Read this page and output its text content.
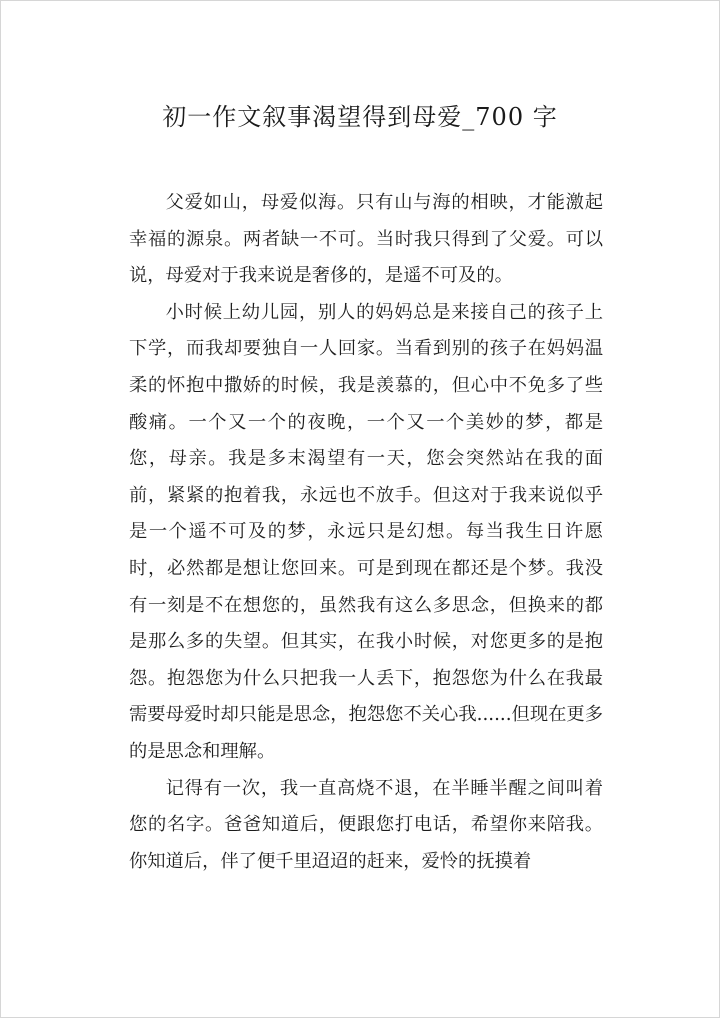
初一作文叙事渴望得到母爱_700 字

父爱如山，母爱似海。只有山与海的相映，才能激起幸福的源泉。两者缺一不可。当时我只得到了父爱。可以说，母爱对于我来说是奢侈的，是遥不可及的。

小时候上幼儿园，别人的妈妈总是来接自己的孩子上下学，而我却要独自一人回家。当看到别的孩子在妈妈温柔的怀抱中撒娇的时候，我是羡慕的，但心中不免多了些酸痛。一个又一个的夜晚，一个又一个美妙的梦，都是您，母亲。我是多末渴望有一天，您会突然站在我的面前，紧紧的抱着我，永远也不放手。但这对于我来说似乎是一个遥不可及的梦，永远只是幻想。每当我生日许愿时，必然都是想让您回来。可是到现在都还是个梦。我没有一刻是不在想您的，虽然我有这么多思念，但换来的都是那么多的失望。但其实，在我小时候，对您更多的是抱怨。抱怨您为什么只把我一人丢下，抱怨您为什么在我最需要母爱时却只能是思念，抱怨您不关心我......但现在更多的是思念和理解。

记得有一次，我一直高烧不退，在半睡半醒之间叫着您的名字。爸爸知道后，便跟您打电话，希望你来陪我。你知道后，伴了便千里迢迢的赶来，爱怜的抚摸着
